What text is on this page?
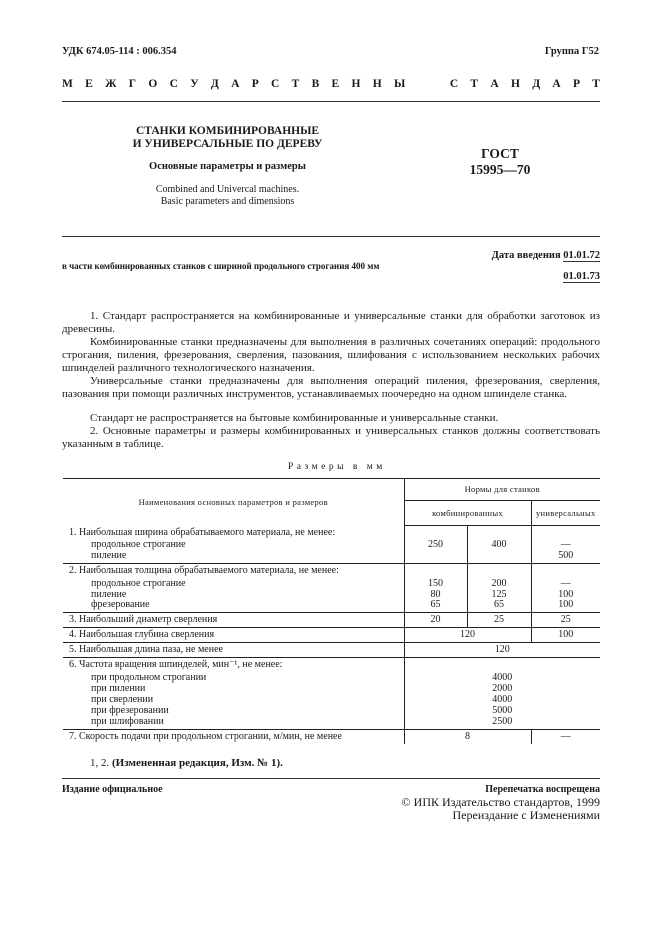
УДК 674.05-114 : 006.354	Группа Г52
М Е Ж Г О С У Д А Р С Т В Е Н Н Ы	С Т А Н Д А Р Т
СТАНКИ КОМБИНИРОВАННЫЕ
И УНИВЕРСАЛЬНЫЕ ПО ДЕРЕВУ
Основные параметры и размеры
Combined and Univercal machines.
Basic parameters and dimensions
ГОСТ
15995—70
Дата введения 01.01.72
в части комбинированных станков с шириной продольного строгания 400 мм
01.01.73

1. Стандарт распространяется на комбинированные и универсальные станки для обработки заготовок из древесины.

Комбинированные станки предназначены для выполнения в различных сочетаниях операций: продольного строгания, пиления, фрезерования, сверления, пазования, шлифования с использованием нескольких рабочих шпинделей различного технологического назначения.

Универсальные станки предназначены для выполнения операций пиления, фрезерования, сверления, пазования при помощи различных инструментов, устанавливаемых поочередно на одном шпинделе станка.

Стандарт не распространяется на бытовые комбинированные и универсальные станки.

2. Основные параметры и размеры комбинированных и универсальных станков должны соответствовать указанным в таблице.

Размеры в мм
Наименования основных параметров и размеров	Нормы для станков		
	комбинированных		универсальных
1. Наибольшая ширина обрабатываемого материала, не менее:			
продольное строгание	250	400	—
пиление			500
2. Наибольшая толщина обрабатываемого материала, не менее:			
продольное строгание	150	200	—
пиление	80	125	100
фрезерование	65	65	100
3. Наибольший диаметр сверления	20	25	25
4. Наибольшая глубина сверления	120		100
5. Наибольшая длина паза, не менее	120		
6. Частота вращения шпинделей, мин⁻¹, не менее:			
при продольном строгании	4000		
при пилении	2000		
при сверлении	4000		
при фрезеровании	5000		
при шлифовании	2500		
7. Скорость подачи при продольном строгании, м/мин, не менее	8		—
1, 2. (Измененная редакция, Изм. № 1).
Издание официальное	Перепечатка воспрещена
© ИПК Издательство стандартов, 1999
Переиздание с Изменениями
